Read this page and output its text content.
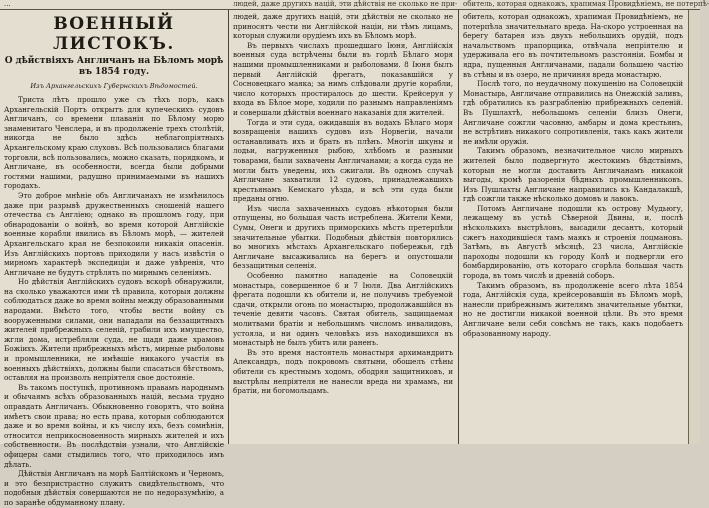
...	людей, даже другихъ націй, эти дѣйствія не сколько не при- обитель, которая однакожъ, храпимая Провидѣніемъ, не потерпѣ-
ВОЕННЫЙ ЛИСТОКЪ.
О дѣйствіяхъ Англичанъ на Бѣломъ морѣ въ 1854 году.
Изъ Архангельскихъ Губернскихъ Вѣдомостей.

Триста лѣтъ прошло уже съ тѣхъ поръ, какъ Архангельскій Портъ открытъ для купеческихъ судовъ Англичанъ, со времени плаванія по Бѣлому морю знаменитаго Ченслера, и въ продолженіе трехъ столѣтій, никогда не было здѣсь неблагопріятныхъ Архангельскому краю слуховъ. Всѣ пользовались благами торговли, всѣ пользовались, можно сказать, порядкомъ, и Англичане, въ особенности, всегда были добрыми гостями нашими, радушно принимаемыми въ нашихъ городахъ.

Это доброе мнѣніе объ Англичанахъ не измѣнилось даже при разрывѣ дружественныхъ сношеній нашего отечества съ Англіею; однако въ прошломъ году, при обнародованіи о войнѣ, во время которой Англійскіе военные корабли явились въ Бѣломъ морѣ, — жителей Архангельскаго края не безпокоили никакія опасенія. Изъ Англійскихъ портовъ приходили у насъ извѣстія о мирномъ характерѣ экспедиціи и даже увѣренія, что Англичане не будутъ стрѣлять по мирнымъ селеніямъ.

Но дѣйствія Англійскихъ судовъ вскорѣ обнаружили, на сколько уважаются ими тѣ правила, которыя должны соблюдаться даже во время войны между образованными народами. Вмѣсто того, чтобы вести войну съ вооруженными силами, они нападали на беззащитныхъ жителей прибрежныхъ селеній, грабили ихъ имущество, жгли дома, истребляли суда, не щадя даже храмовъ Божіихъ. Жители прибрежныхъ мѣстъ, мирные рыболовы и промышленники, не имѣвшіе никакого участія въ военныхъ дѣйствіяхъ, должны были спасаться бѣгствомъ, оставляя на произволъ непріятеля свое достояніе.

Въ такомъ поступкѣ, противномъ правамъ народнымъ и обычаямъ всѣхъ образованныхъ націй, весьма трудно оправдать Англичанъ. Обыкновенно говорятъ, что война имѣетъ свои права; но есть права, которыя соблюдаются даже и во время войны, и къ числу ихъ, безъ сомнѣнія, относится неприкосновенность мирныхъ жителей и ихъ собственности. Въ послѣдствіи узнали, что Англійскіе офицеры сами стыдились того, что приходилось имъ дѣлать.

Дѣйствія Англичанъ на морѣ Балтійскомъ и Черномъ, и это безпристрастно служитъ свидѣтельствомъ, что подобныя дѣйствія совершаются не по недоразумѣнію, а по заранѣе обдуманному плану.

людей, даже другихъ націй, эти дѣйствія не сколько не приносятъ чести ни Англійской націи, ни тѣмъ лицамъ, которыя служили орудіемъ ихъ въ Бѣломъ морѣ.

Въ первыхъ числахъ прошедшаго Іюня, Англійскія военныя суда встрѣчены были въ горлѣ Бѣлаго моря нашими промышленниками и рыболовами. 8 Іюня былъ первый Англійскій фрегатъ, показавшійся у Сосновецкаго маяка; за нимъ слѣдовали другіе корабли, число которыхъ простиралось до шести. Крейсеруя у входа въ Бѣлое море, ходили по разнымъ направленіямъ и совершали дѣйствія военнаго наказанія для жителей.

Тогда и эти суда, ожидавшія въ водахъ Бѣлаго моря возвращенія нашихъ судовъ изъ Норвегіи, начали останавливать ихъ и брать въ плѣнъ. Многія шкуны и лодьи, нагруженныя рыбою, хлѣбомъ и разными товарами, были захвачены Англичанами; а когда суда не могли быть уведены, ихъ сжигали. Въ одномъ случаѣ Англичане захватили 12 судовъ, принадлежавшихъ крестьянамъ Кемскаго уѣзда, и всѣ эти суда были преданы огню.

Изъ числа захваченныхъ судовъ нѣкоторыя были отпущены, но большая часть истреблена. Жители Кеми, Сумы, Онеги и другихъ приморскихъ мѣстъ претерпѣли значительные убытки. Подобныя дѣйствія повторялись во многихъ мѣстахъ Архангельскаго побережья, гдѣ Англичане высаживались на берегъ и опустошали беззащитныя селенія.

Особенно памятно нападеніе на Соловецкій монастырь, совершенное 6 и 7 Іюля. Два Англійскихъ фрегата подошли къ обители и, не получивъ требуемой сдачи, открыли огонь по монастырю, продолжавшійся въ теченіе девяти часовъ. Святая обитель, защищаемая молитвами братіи и небольшимъ числомъ инвалидовъ, устояла, и ни одинъ человѣкъ изъ находившихся въ монастырѣ не былъ убитъ или раненъ.

Въ это время настоятель монастыря архимандритъ Александръ, подъ покровомъ святыни, обошелъ стѣны обители съ крестнымъ ходомъ, ободряя защитниковъ, и выстрѣлы непріятеля не нанесли вреда ни храмамъ, ни братіи, ни богомольцамъ.

обитель, которая однакожъ, храпимая Провидѣніемъ, не потерпѣла значительнаго вреда. На-скоро устроенная на берегу батарея изъ двухъ небольшихъ орудій, подъ начальствомъ прапорщика, отвѣчала непріятелю и удерживала его въ почтительномъ разстояніи. Бомбы и ядра, пущенныя Англичанами, падали большею частію въ стѣны и въ озеро, не причиняя вреда монастырю.

Послѣ того, по неудачному покушенію на Соловецкій Монастырь, Англичане отправились на Онежскій заливъ, гдѣ обратились къ разграбленію прибрежныхъ селеній. Въ Пушлахтѣ, небольшомъ селеніи близъ Онеги, Англичане сожгли часовню, амбары и дома крестьянъ, не встрѣтивъ никакого сопротивленія, такъ какъ жители не имѣли оружія.

Такимъ образомъ, незначительное число мирныхъ жителей было подвергнуто жестокимъ бѣдствіямъ, которыя не могли доставить Англичанамъ никакой выгоды, кромѣ разоренія бѣдныхъ промышленниковъ. Изъ Пушлахты Англичане направились къ Кандалакшѣ, гдѣ сожгли также нѣсколько домовъ и лавокъ.

Потомъ Англичане подошли къ острову Мудьюгу, лежащему въ устьѣ Сѣверной Двины, и, послѣ нѣсколькихъ выстрѣловъ, высадили десантъ, который сжегъ находившіеся тамъ маякъ и строенія лоцмановъ. Затѣмъ, въ Августѣ мѣсяцѣ, 23 числа, Англійскіе пароходы подошли къ городу Колѣ и подвергли его бомбардированію, отъ котораго сгорѣла большая часть города, въ томъ числѣ и древній соборъ.

Такимъ образомъ, въ продолженіе всего лѣта 1854 года, Англійскія суда, крейсеровавшія въ Бѣломъ морѣ, нанесли прибрежнымъ жителямъ значительные убытки, но не достигли никакой военной цѣли. Въ это время Англичане вели себя совсѣмъ не такъ, какъ подобаетъ образованному народу.
